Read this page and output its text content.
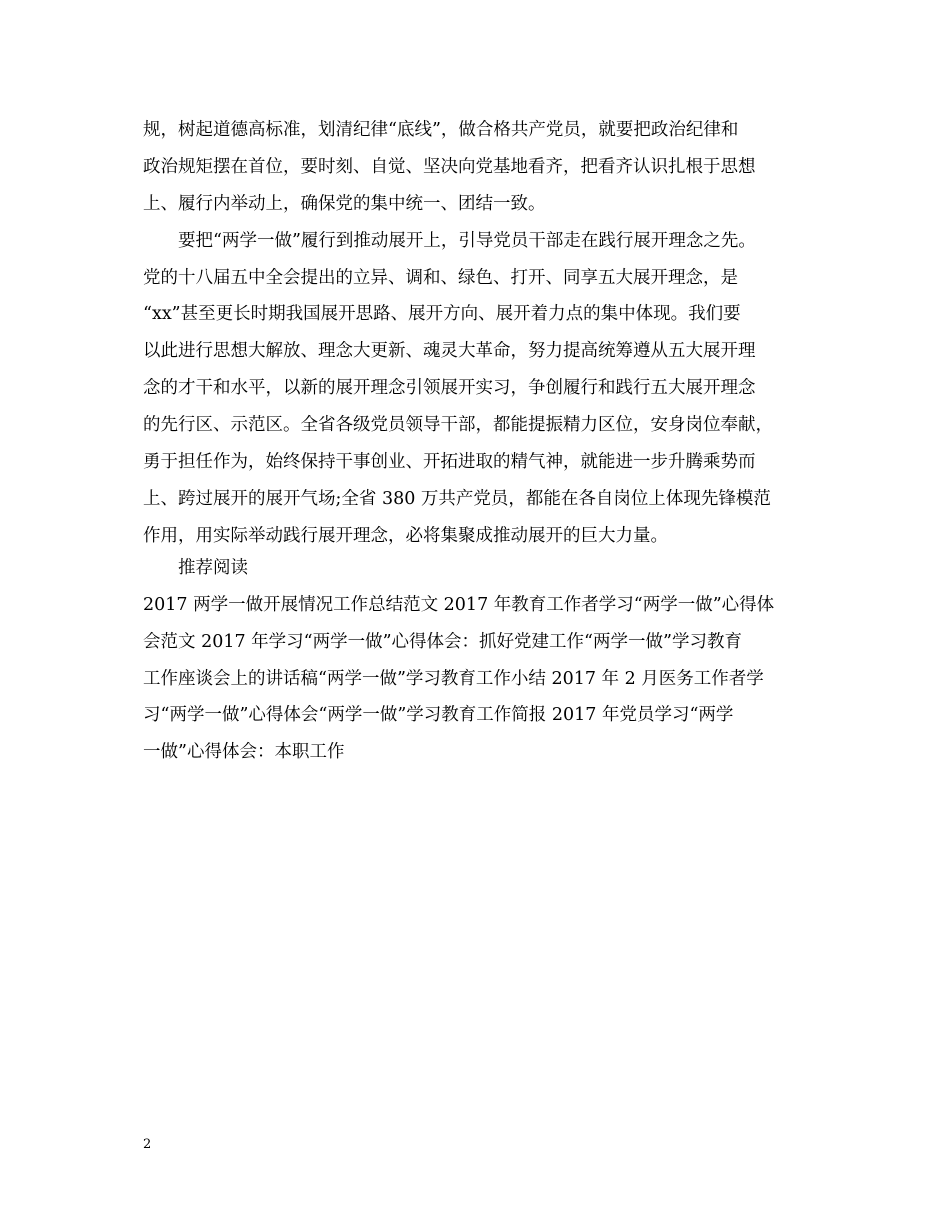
规，树起道德高标准，划清纪律“底线”，做合格共产党员，就要把政治纪律和
政治规矩摆在首位，要时刻、自觉、坚决向党基地看齐，把看齐认识扎根于思想
上、履行内举动上，确保党的集中统一、团结一致。
要把“两学一做”履行到推动展开上，引导党员干部走在践行展开理念之先。
党的十八届五中全会提出的立异、调和、绿色、打开、同享五大展开理念，是
“xx”甚至更长时期我国展开思路、展开方向、展开着力点的集中体现。我们要
以此进行思想大解放、理念大更新、魂灵大革命，努力提高统筹遵从五大展开理
念的才干和水平，以新的展开理念引领展开实习，争创履行和践行五大展开理念
的先行区、示范区。全省各级党员领导干部，都能提振精力区位，安身岗位奉献，
勇于担任作为，始终保持干事创业、开拓进取的精气神，就能进一步升腾乘势而
上、跨过展开的展开气场;全省 380 万共产党员，都能在各自岗位上体现先锋模范
作用，用实际举动践行展开理念，必将集聚成推动展开的巨大力量。
推荐阅读
2017 两学一做开展情况工作总结范文 2017 年教育工作者学习“两学一做”心得体
会范文 2017 年学习“两学一做”心得体会：抓好党建工作“两学一做”学习教育
工作座谈会上的讲话稿“两学一做”学习教育工作小结 2017 年 2 月医务工作者学
习“两学一做”心得体会“两学一做”学习教育工作简报 2017 年党员学习“两学
一做”心得体会：本职工作
2
